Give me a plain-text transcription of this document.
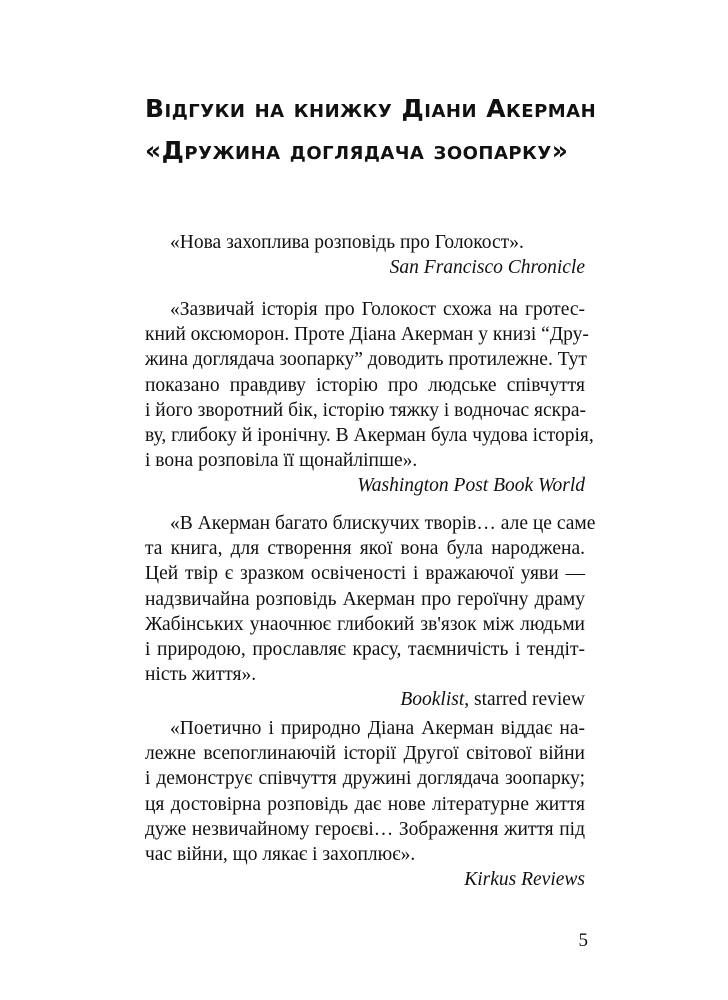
Відгуки на книжку Діани Акерман
«Дружина доглядача зоопарку»
«Нова захоплива розповідь про Голокост».
San Francisco Chronicle
«Зазвичай історія про Голокост схожа на гротес-
кний оксюморон. Проте Діана Акерман у книзі “Дру-
жина доглядача зоопарку” доводить протилежне. Тут
показано правдиву історію про людське співчуття
і його зворотний бік, історію тяжку і водночас яскра-
ву, глибоку й іронічну. В Акерман була чудова історія,
і вона розповіла її щонайліпше».
Washington Post Book World
«В Акерман багато блискучих творів… але це саме
та книга, для створення якої вона була народжена.
Цей твір є зразком освіченості і вражаючої уяви —
надзвичайна розповідь Акерман про героїчну драму
Жабінських унаочнює глибокий зв'язок між людьми
і природою, прославляє красу, таємничість і тендіт-
ність життя».
Booklist, starred review
«Поетично і природно Діана Акерман віддає на-
лежне всепоглинаючій історії Другої світової війни
і демонструє співчуття дружині доглядача зоопарку;
ця достовірна розповідь дає нове літературне життя
дуже незвичайному героєві… Зображення життя під
час війни, що лякає і захоплює».
Kirkus Reviews
5
